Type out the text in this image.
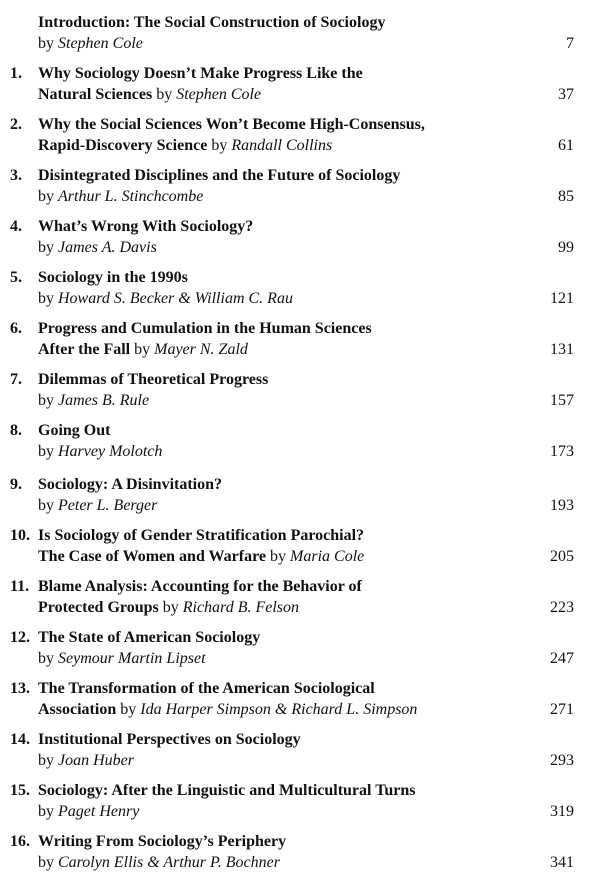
Introduction: The Social Construction of Sociology
by Stephen Cole	7
1.	Why Sociology Doesn’t Make Progress Like the
Natural Sciences by Stephen Cole	37
2.	Why the Social Sciences Won’t Become High-Consensus,
Rapid-Discovery Science by Randall Collins	61
3.	Disintegrated Disciplines and the Future of Sociology
by Arthur L. Stinchcombe	85
4.	What’s Wrong With Sociology?
by James A. Davis	99
5.	Sociology in the 1990s
by Howard S. Becker & William C. Rau	121
6.	Progress and Cumulation in the Human Sciences
After the Fall by Mayer N. Zald	131
7.	Dilemmas of Theoretical Progress
by James B. Rule	157
8.	Going Out
by Harvey Molotch	173
9.	Sociology: A Disinvitation?
by Peter L. Berger	193
10. Is Sociology of Gender Stratification Parochial?
The Case of Women and Warfare by Maria Cole	205
11. Blame Analysis: Accounting for the Behavior of
Protected Groups by Richard B. Felson	223
12. The State of American Sociology
by Seymour Martin Lipset	247
13. The Transformation of the American Sociological
Association by Ida Harper Simpson & Richard L. Simpson	271
14. Institutional Perspectives on Sociology
by Joan Huber	293
15. Sociology: After the Linguistic and Multicultural Turns
by Paget Henry	319
16. Writing From Sociology’s Periphery
by Carolyn Ellis & Arthur P. Bochner	341
